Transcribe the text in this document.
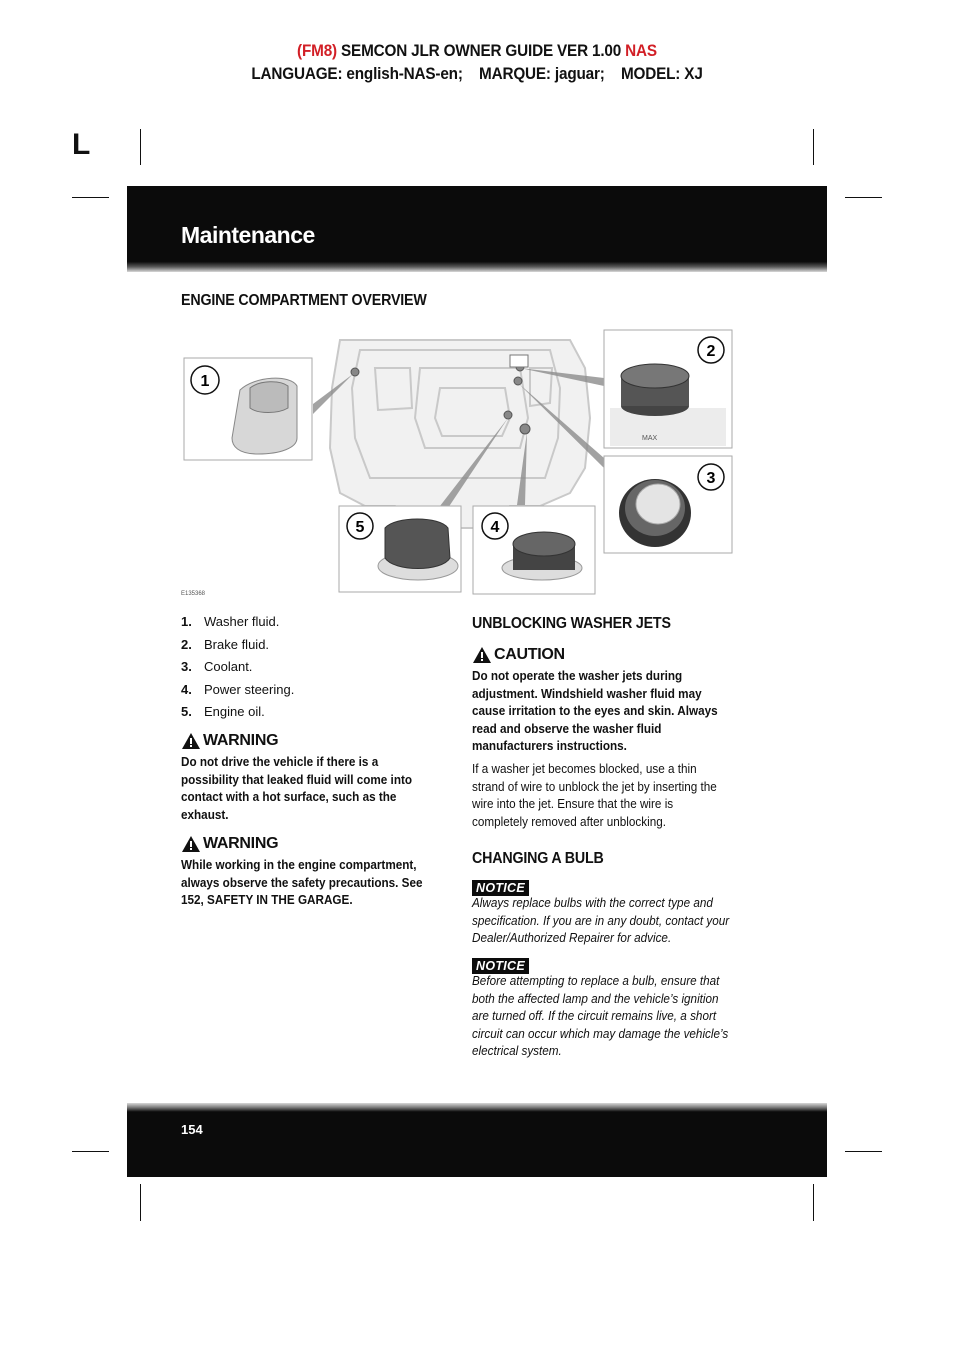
(FM8) SEMCON JLR OWNER GUIDE VER 1.00 NAS
LANGUAGE: english-NAS-en;    MARQUE: jaguar;    MODEL: XJ
L
Maintenance
ENGINE COMPARTMENT OVERVIEW
1
MAX
2
3
4
5
E135368
1. Washer fluid.
2. Brake fluid.
3. Coolant.
4. Power steering.
5. Engine oil.
WARNING

Do not drive the vehicle if there is a possibility that leaked fluid will come into contact with a hot surface, such as the exhaust.

WARNING

While working in the engine compartment, always observe the safety precautions. See 152, SAFETY IN THE GARAGE.

UNBLOCKING WASHER JETS
CAUTION

Do not operate the washer jets during adjustment. Windshield washer fluid may cause irritation to the eyes and skin. Always read and observe the washer fluid manufacturers instructions.

If a washer jet becomes blocked, use a thin strand of wire to unblock the jet by inserting the wire into the jet. Ensure that the wire is completely removed after unblocking.

CHANGING A BULB
NOTICE

Always replace bulbs with the correct type and specification. If you are in any doubt, contact your Dealer/Authorized Repairer for advice.

NOTICE

Before attempting to replace a bulb, ensure that both the affected lamp and the vehicle’s ignition are turned off. If the circuit remains live, a short circuit can occur which may damage the vehicle’s electrical system.

154
